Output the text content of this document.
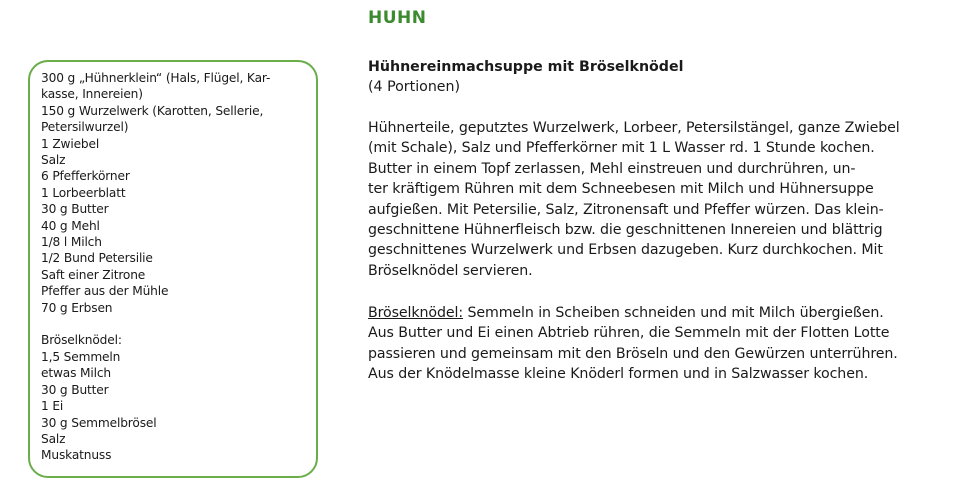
HUHN
300 g „Hühnerklein“ (Hals, Flügel, Kar-
kasse, Innereien)
150 g Wurzelwerk (Karotten, Sellerie,
Petersilwurzel)
1 Zwiebel
Salz
6 Pfefferkörner
1 Lorbeerblatt
30 g Butter
40 g Mehl
1/8 l Milch
1/2 Bund Petersilie
Saft einer Zitrone
Pfeffer aus der Mühle
70 g Erbsen
Bröselknödel:
1,5 Semmeln
etwas Milch
30 g Butter
1 Ei
30 g Semmelbrösel
Salz
Muskatnuss
Hühnereinmachsuppe mit Bröselknödel
(4 Portionen)
Hühnerteile, geputztes Wurzelwerk, Lorbeer, Petersilstängel, ganze Zwiebel
(mit Schale), Salz und Pfefferkörner mit 1 L Wasser rd. 1 Stunde kochen.
Butter in einem Topf zerlassen, Mehl einstreuen und durchrühren, un-
ter kräftigem Rühren mit dem Schneebesen mit Milch und Hühnersuppe
aufgießen. Mit Petersilie, Salz, Zitronensaft und Pfeffer würzen. Das klein-
geschnittene Hühnerfleisch bzw. die geschnittenen Innereien und blättrig
geschnittenes Wurzelwerk und Erbsen dazugeben. Kurz durchkochen. Mit
Bröselknödel servieren.
Bröselknödel: Semmeln in Scheiben schneiden und mit Milch übergießen.
Aus Butter und Ei einen Abtrieb rühren, die Semmeln mit der Flotten Lotte
passieren und gemeinsam mit den Bröseln und den Gewürzen unterrühren.
Aus der Knödelmasse kleine Knöderl formen und in Salzwasser kochen.
